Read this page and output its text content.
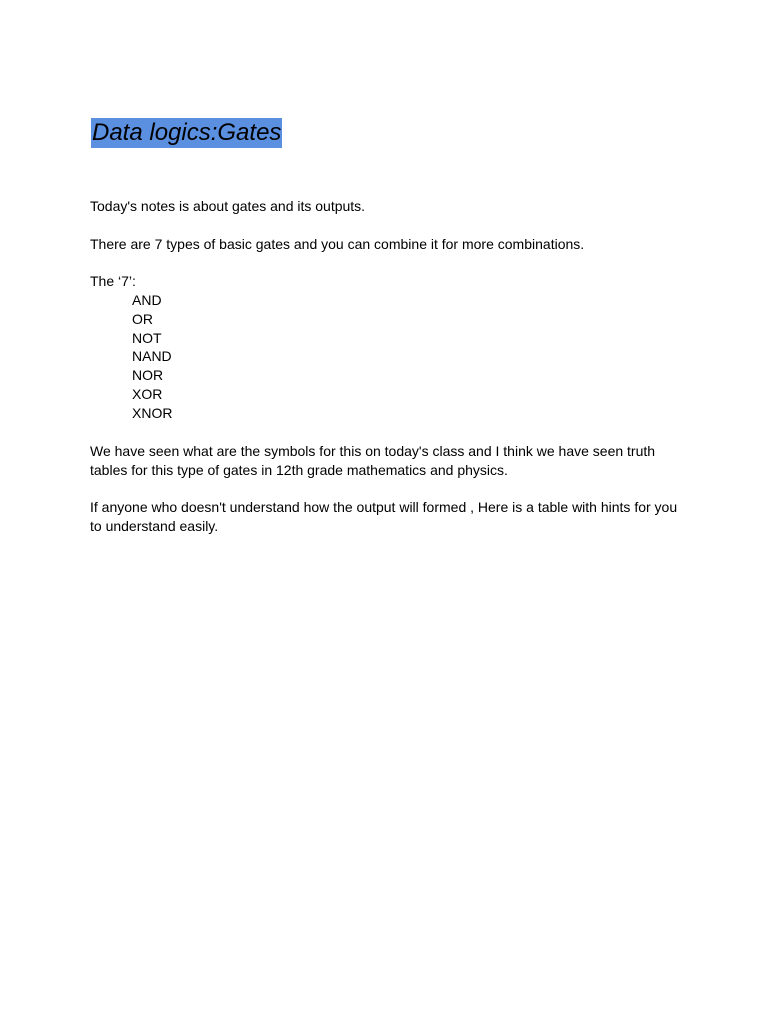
Data logics:Gates

Today's notes is about gates and its outputs.

There are 7 types of basic gates and you can combine it for more combinations.

The ‘7’:

AND
OR
NOT
NAND
NOR
XOR
XNOR

We have seen what are the symbols for this on today's class and I think we have seen truth tables for this type of gates in 12th grade mathematics and physics.

If anyone who doesn't understand how the output will formed , Here is a table with hints for you to understand easily.
